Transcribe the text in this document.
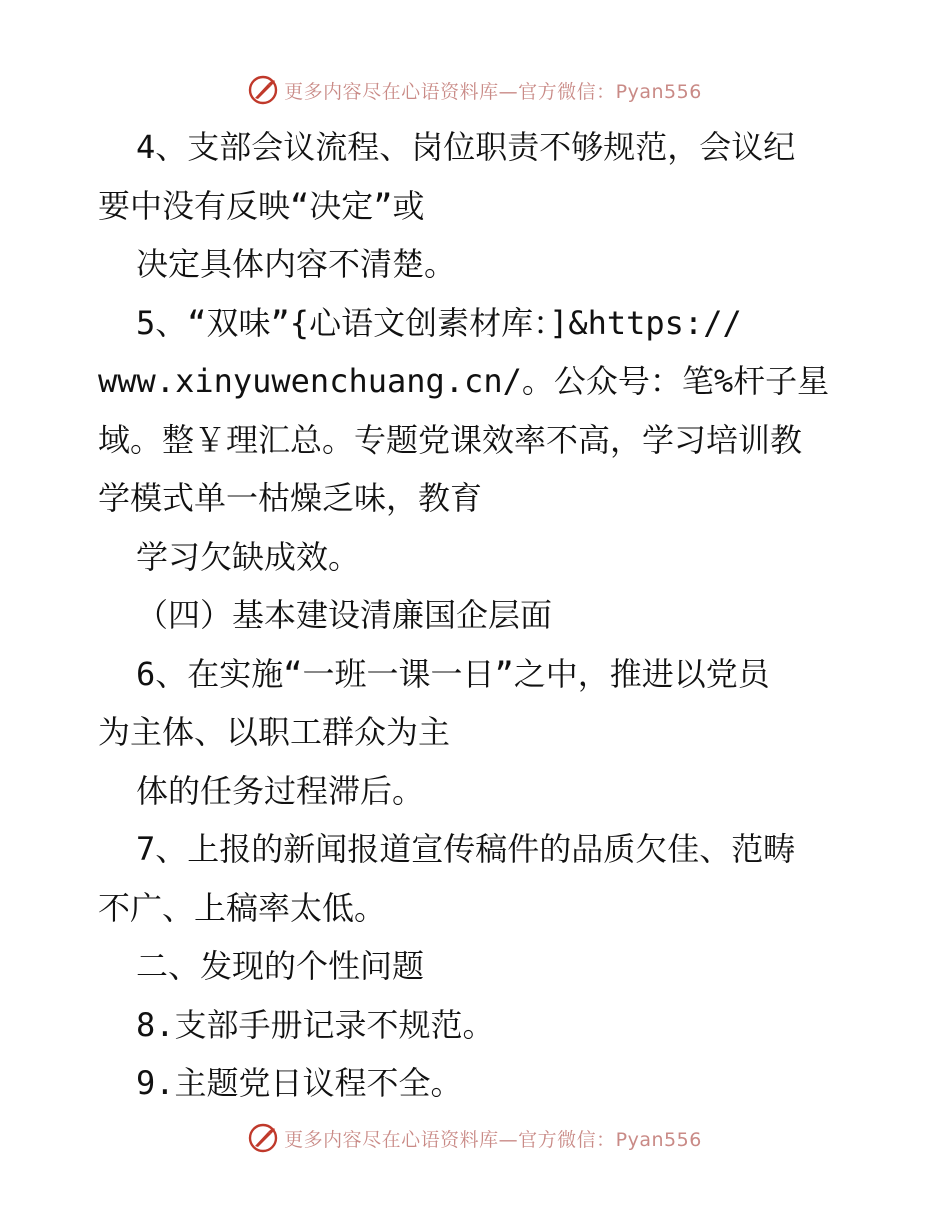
更多内容尽在心语资料库—官方微信：Pyan556
4、支部会议流程、岗位职责不够规范，会议纪
要中没有反映“决定”或
决定具体内容不清楚。
5、“双味”{心语文创素材库：]&https://
www.xinyuwenchuang.cn/。公众号：笔%杆子星
域。整￥理汇总。专题党课效率不高，学习培训教
学模式单一枯燥乏味，教育
学习欠缺成效。
（四）基本建设清廉国企层面
6、在实施“一班一课一日”之中，推进以党员
为主体、以职工群众为主
体的任务过程滞后。
7、上报的新闻报道宣传稿件的品质欠佳、范畴
不广、上稿率太低。
二、发现的个性问题
8.支部手册记录不规范。
9.主题党日议程不全。
更多内容尽在心语资料库—官方微信：Pyan556
